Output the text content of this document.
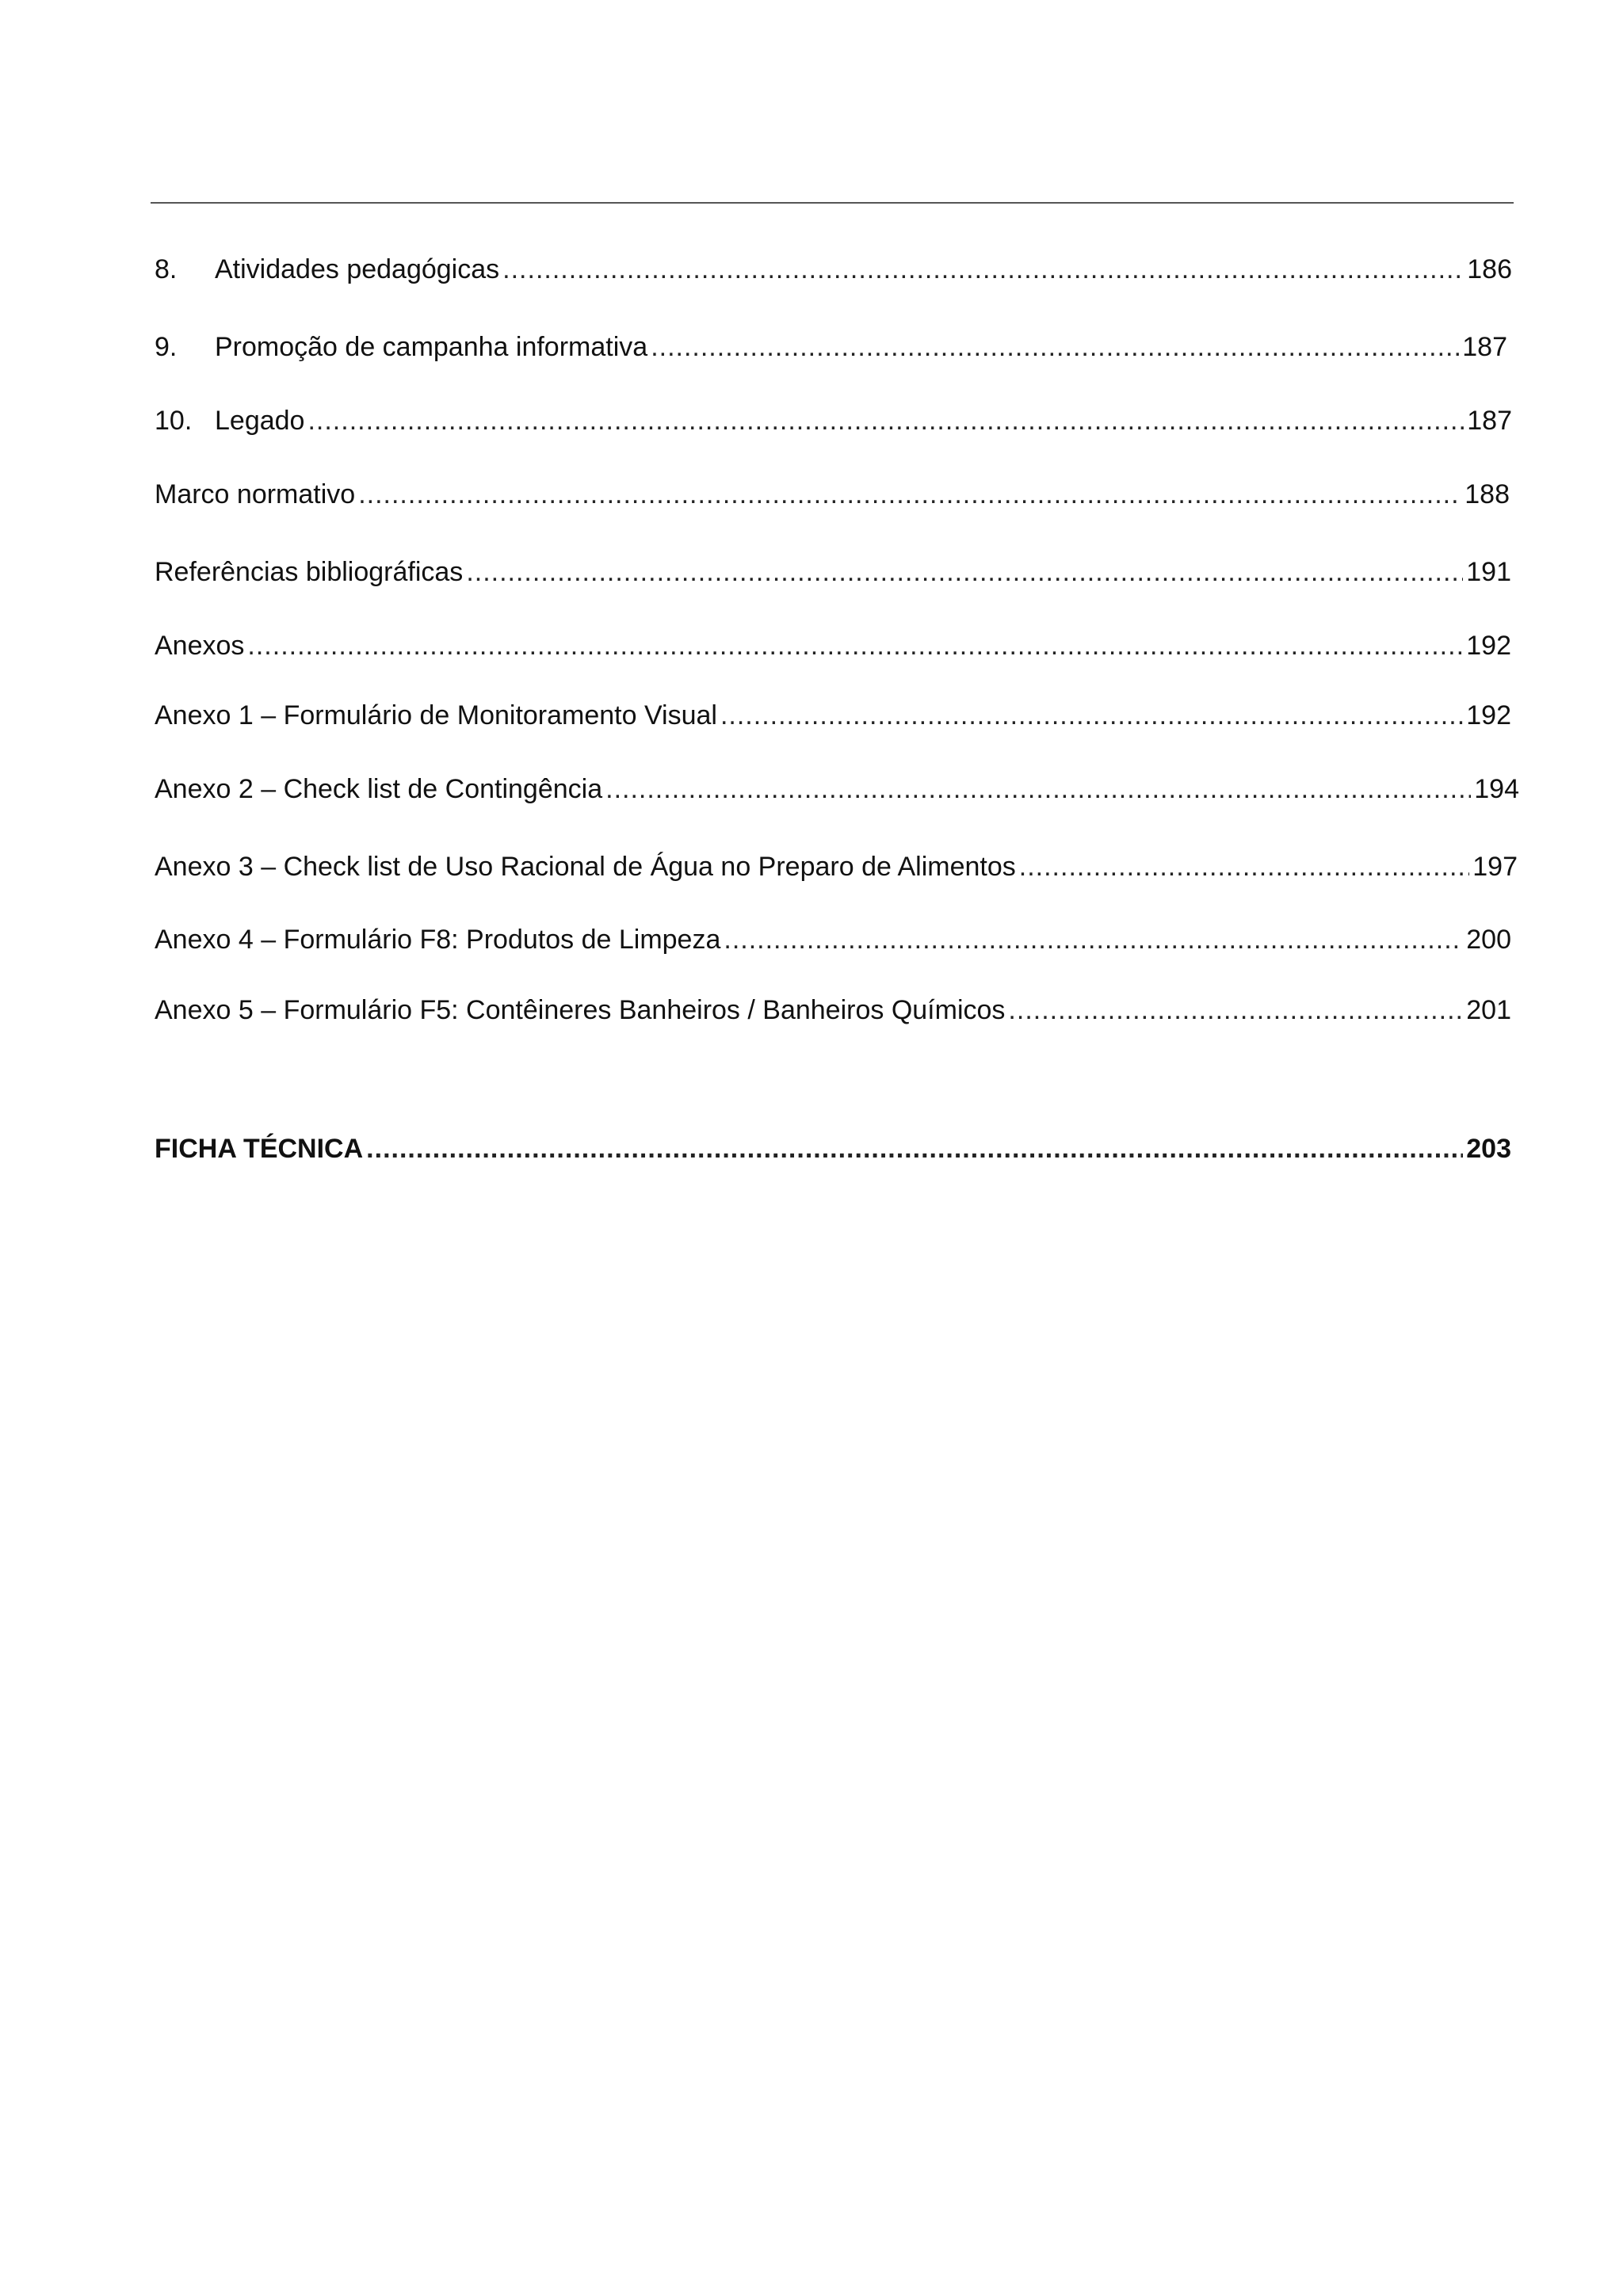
8.	Atividades pedagógicas .....	186
9.	Promoção de campanha informativa .....	187
10. Legado .....	187
Marco normativo .....	188
Referências bibliográficas .....	191
Anexos .....	192
Anexo 1 – Formulário de Monitoramento Visual .....	192
Anexo 2 – Check list de Contingência .....	194
Anexo 3 – Check list de Uso Racional de Água no Preparo de Alimentos .....	197
Anexo 4 – Formulário F8: Produtos de Limpeza .....	200
Anexo 5 – Formulário F5: Contêineres Banheiros / Banheiros Químicos .....	201
FICHA TÉCNICA .....	203
